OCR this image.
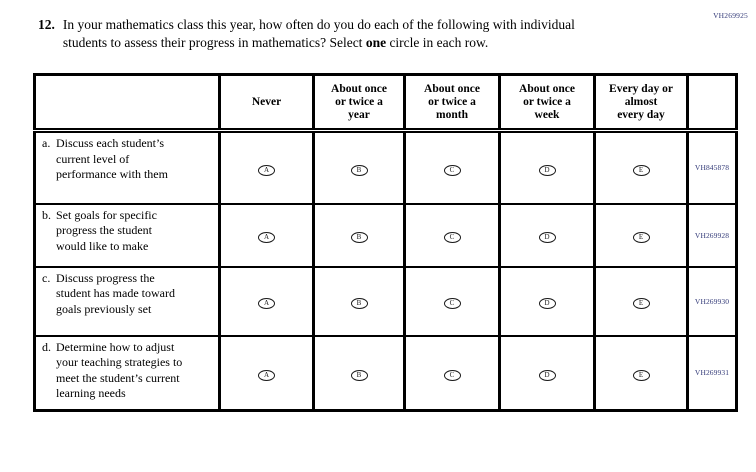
VH269925
12. In your mathematics class this year, how often do you do each of the following with individual students to assess their progress in mathematics? Select one circle in each row.

	Never	About once
or twice a
year	About once
or twice a
month	About once
or twice a
week	Every day or
almost
every day	

a. Discuss each student’s current level of performance with them	A	B	C	D	E	VH845878

b. Set goals for specific progress the student would like to make	A	B	C	D	E	VH269928

c. Discuss progress the student has made toward goals previously set	A	B	C	D	E	VH269930

d. Determine how to adjust your teaching strategies to meet the student’s current learning needs	A	B	C	D	E	VH269931
